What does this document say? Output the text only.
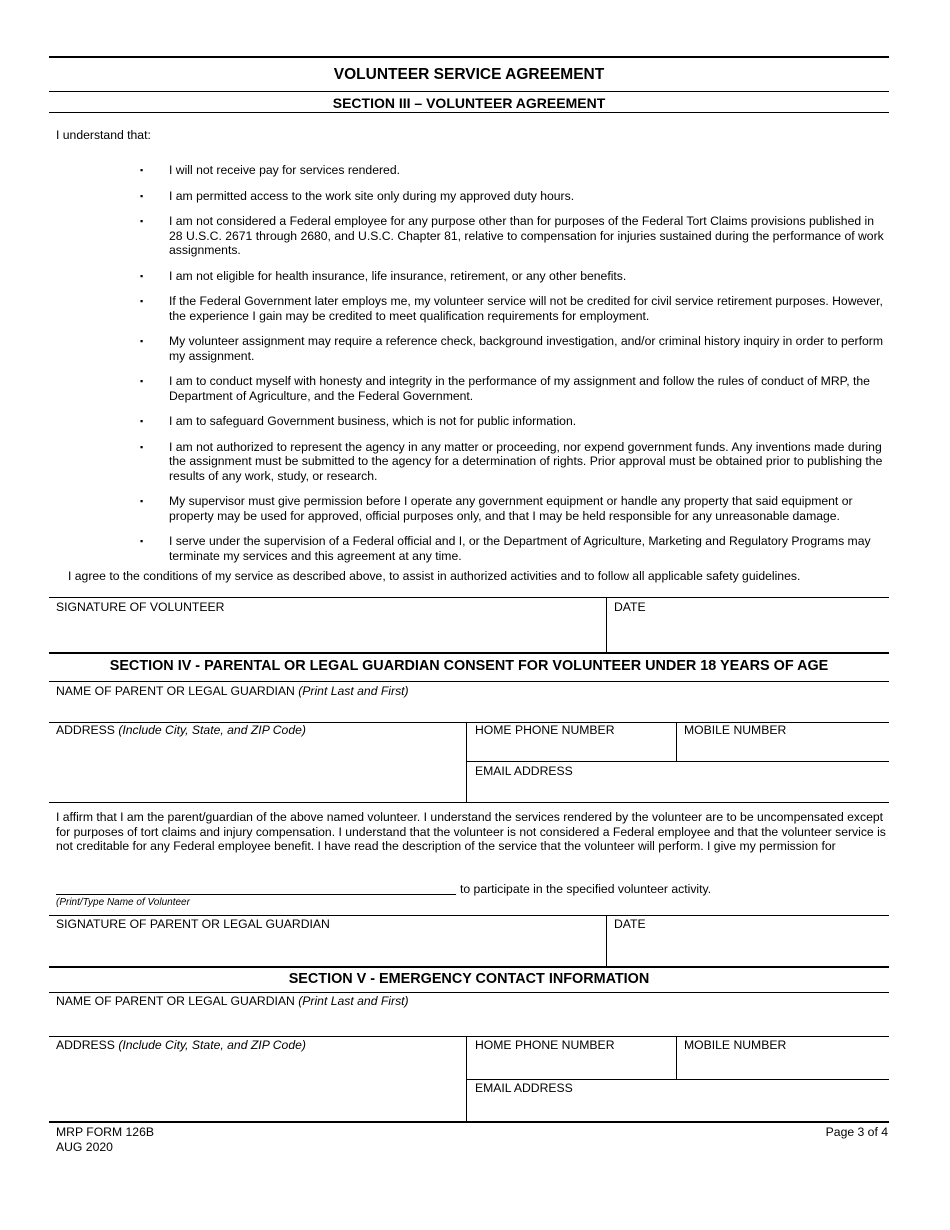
VOLUNTEER SERVICE AGREEMENT
SECTION III – VOLUNTEER AGREEMENT
I understand that:
▪ I will not receive pay for services rendered.
▪ I am permitted access to the work site only during my approved duty hours.
▪ I am not considered a Federal employee for any purpose other than for purposes of the Federal Tort Claims provisions published in 28 U.S.C. 2671 through 2680, and U.S.C. Chapter 81, relative to compensation for injuries sustained during the performance of work assignments.
▪ I am not eligible for health insurance, life insurance, retirement, or any other benefits.
▪ If the Federal Government later employs me, my volunteer service will not be credited for civil service retirement purposes. However, the experience I gain may be credited to meet qualification requirements for employment.
▪ My volunteer assignment may require a reference check, background investigation, and/or criminal history inquiry in order to perform my assignment.
▪ I am to conduct myself with honesty and integrity in the performance of my assignment and follow the rules of conduct of MRP, the Department of Agriculture, and the Federal Government.
▪ I am to safeguard Government business, which is not for public information.
▪ I am not authorized to represent the agency in any matter or proceeding, nor expend government funds. Any inventions made during the assignment must be submitted to the agency for a determination of rights. Prior approval must be obtained prior to publishing the results of any work, study, or research.
▪ My supervisor must give permission before I operate any government equipment or handle any property that said equipment or property may be used for approved, official purposes only, and that I may be held responsible for any unreasonable damage.
▪ I serve under the supervision of a Federal official and I, or the Department of Agriculture, Marketing and Regulatory Programs may terminate my services and this agreement at any time.
I agree to the conditions of my service as described above, to assist in authorized activities and to follow all applicable safety guidelines.
SIGNATURE OF VOLUNTEER	DATE
SECTION IV - PARENTAL OR LEGAL GUARDIAN CONSENT FOR VOLUNTEER UNDER 18 YEARS OF AGE
NAME OF PARENT OR LEGAL GUARDIAN (Print Last and First)
ADDRESS (Include City, State, and ZIP Code)	HOME PHONE NUMBER	MOBILE NUMBER
EMAIL ADDRESS
I affirm that I am the parent/guardian of the above named volunteer. I understand the services rendered by the volunteer are to be uncompensated except for purposes of tort claims and injury compensation. I understand that the volunteer is not considered a Federal employee and that the volunteer service is not creditable for any Federal employee benefit. I have read the description of the service that the volunteer will perform. I give my permission for
to participate in the specified volunteer activity.
(Print/Type Name of Volunteer
SIGNATURE OF PARENT OR LEGAL GUARDIAN	DATE
SECTION V - EMERGENCY CONTACT INFORMATION
NAME OF PARENT OR LEGAL GUARDIAN (Print Last and First)
ADDRESS (Include City, State, and ZIP Code)	HOME PHONE NUMBER	MOBILE NUMBER
EMAIL ADDRESS
MRP FORM 126B
AUG 2020
Page 3 of 4
